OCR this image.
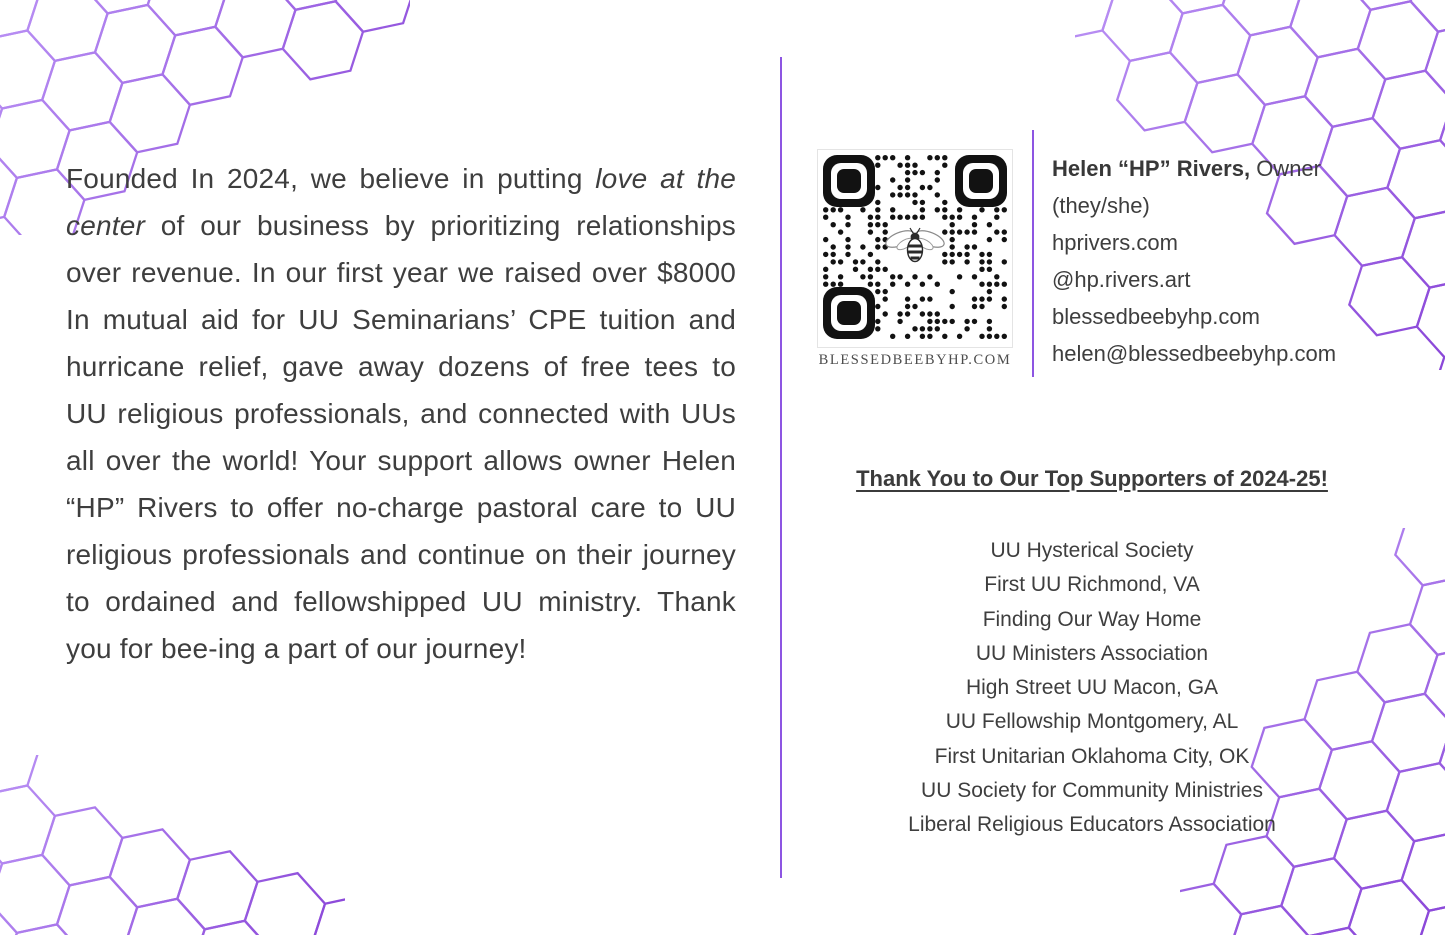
Founded In 2024, we believe in putting love at the center of our business by prioritizing relationships over revenue. In our first year we raised over $8000 In mutual aid for UU Seminarians’ CPE tuition and hurricane relief, gave away dozens of free tees to UU religious professionals, and connected with UUs all over the world! Your support allows owner Helen “HP” Rivers to offer no-charge pastoral care to UU religious professionals and continue on their journey to ordained and fellowshipped UU ministry. Thank you for bee-ing a part of our journey!

BLESSEDBEEBYHP.COM
Helen “HP” Rivers, Owner
(they/she)
hprivers.com
@hp.rivers.art
blessedbeebyhp.com
helen@blessedbeebyhp.com
Thank You to Our Top Supporters of 2024-25!
UU Hysterical Society
First UU Richmond, VA
Finding Our Way Home
UU Ministers Association
High Street UU Macon, GA
UU Fellowship Montgomery, AL
First Unitarian Oklahoma City, OK
UU Society for Community Ministries
Liberal Religious Educators Association
